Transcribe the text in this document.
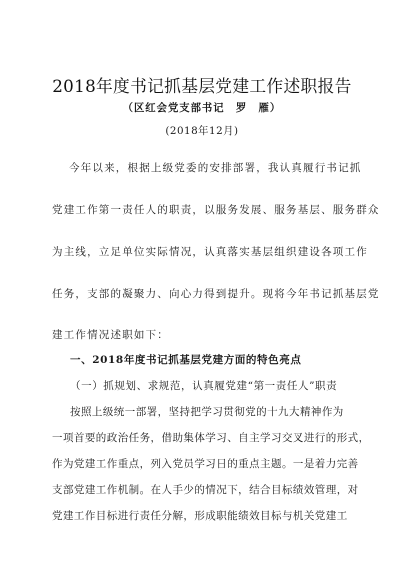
2018年度书记抓基层党建工作述职报告
（区红会党支部书记　罗　雁）
(2018年12月)
今年以来，根据上级党委的安排部署，我认真履行书记抓
党建工作第一责任人的职责，以服务发展、服务基层、服务群众
为主线，立足单位实际情况，认真落实基层组织建设各项工作
任务，支部的凝聚力、向心力得到提升。现将今年书记抓基层党
建工作情况述职如下：
一、2018年度书记抓基层党建方面的特色亮点
（一）抓规划、求规范，认真履党建“第一责任人”职责
按照上级统一部署，坚持把学习贯彻党的十九大精神作为
一项首要的政治任务，借助集体学习、自主学习交叉进行的形式，
作为党建工作重点，列入党员学习日的重点主题。一是着力完善
支部党建工作机制。在人手少的情况下，结合目标绩效管理，对
党建工作目标进行责任分解，形成职能绩效目标与机关党建工
